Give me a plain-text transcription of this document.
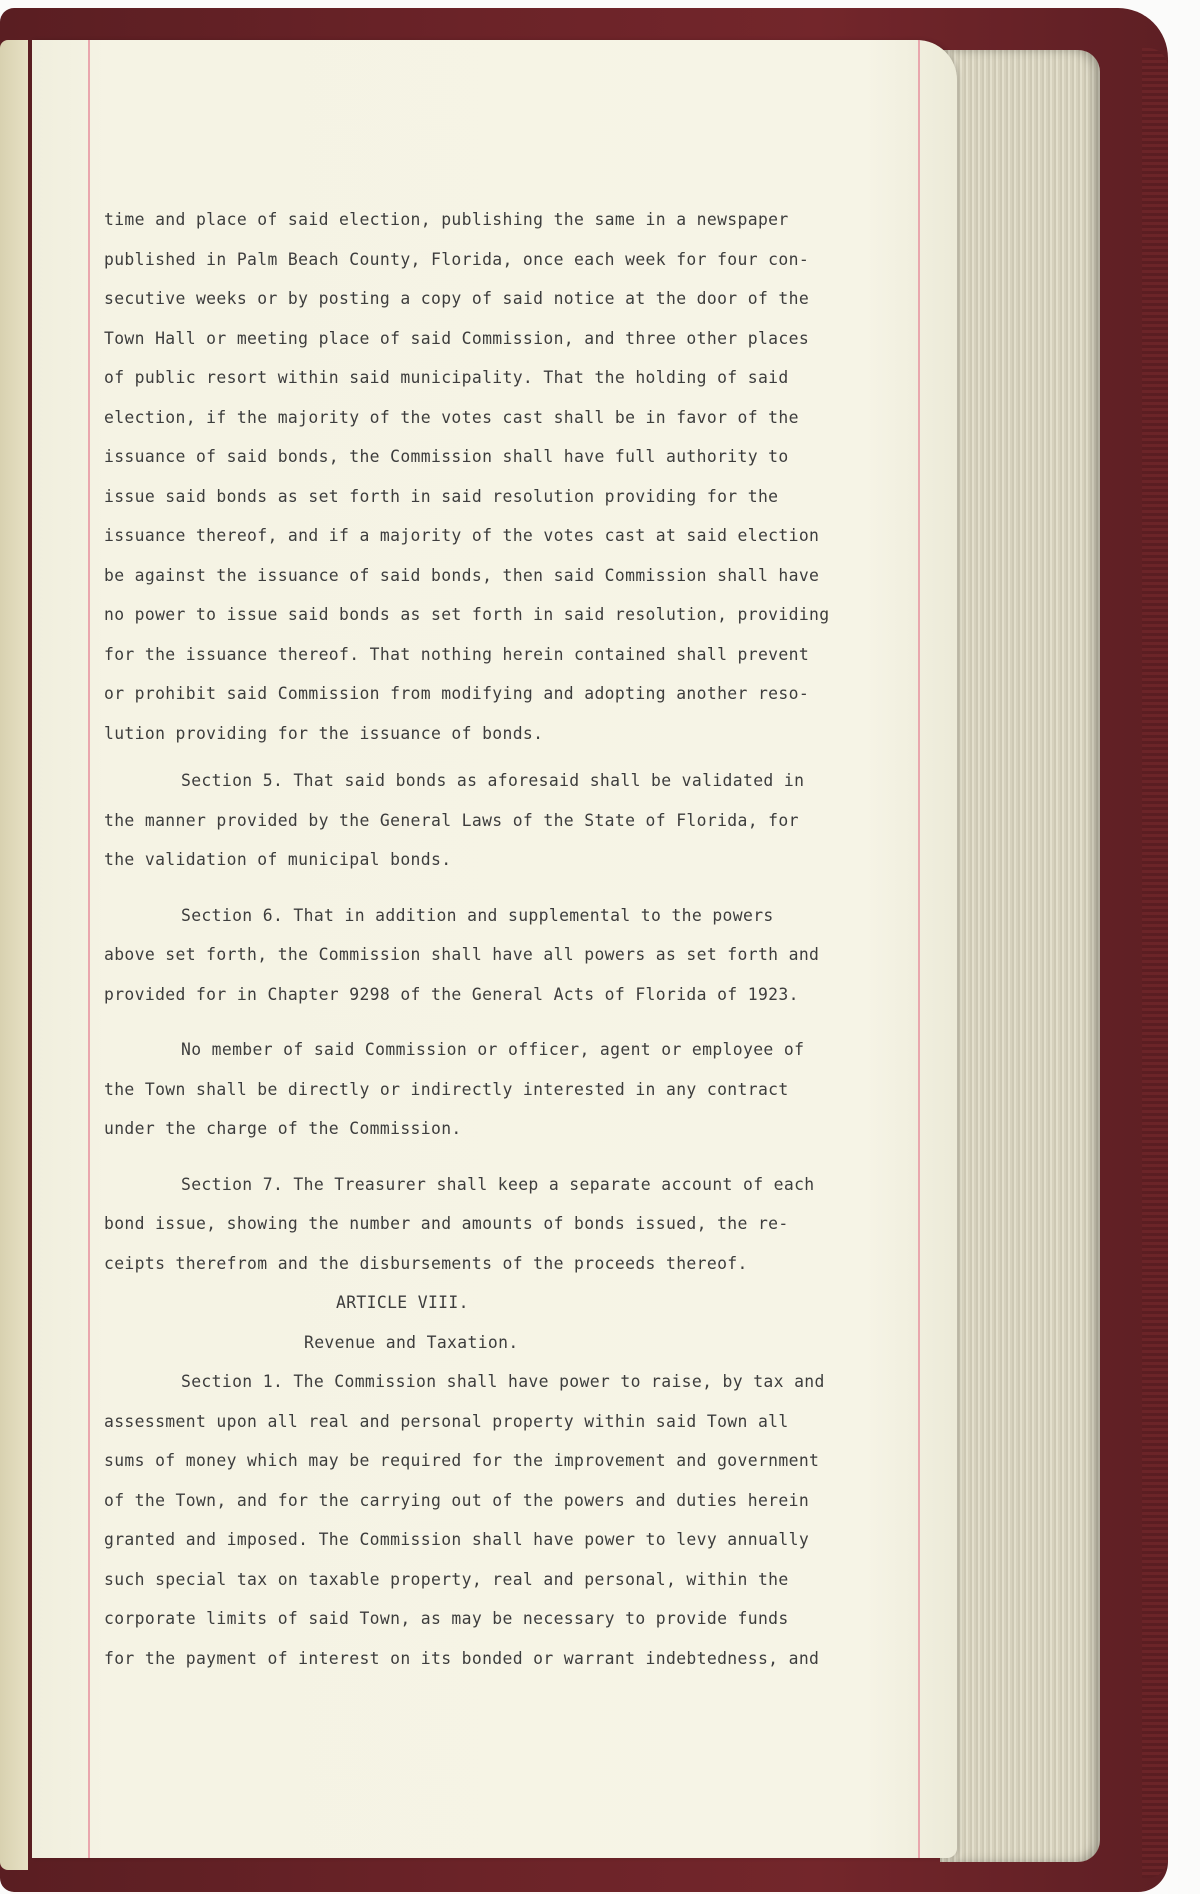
time and place of said election, publishing the same in a newspaper
published in Palm Beach County, Florida, once each week for four con-
secutive weeks or by posting a copy of said notice at the door of the
Town Hall or meeting place of said Commission, and three other places
of public resort within said municipality. That the holding of said
election, if the majority of the votes cast shall be in favor of the
issuance of said bonds, the Commission shall have full authority to
issue said bonds as set forth in said resolution providing for the
issuance thereof, and if a majority of the votes cast at said election
be against the issuance of said bonds, then said Commission shall have
no power to issue said bonds as set forth in said resolution, providing
for the issuance thereof. That nothing herein contained shall prevent
or prohibit said Commission from modifying and adopting another reso-
lution providing for the issuance of bonds.

Section 5. That said bonds as aforesaid shall be validated in
the manner provided by the General Laws of the State of Florida, for
the validation of municipal bonds.

Section 6. That in addition and supplemental to the powers
above set forth, the Commission shall have all powers as set forth and
provided for in Chapter 9298 of the General Acts of Florida of 1923.

No member of said Commission or officer, agent or employee of
the Town shall be directly or indirectly interested in any contract
under the charge of the Commission.

Section 7. The Treasurer shall keep a separate account of each
bond issue, showing the number and amounts of bonds issued, the re-
ceipts therefrom and the disbursements of the proceeds thereof.

ARTICLE VIII.
Revenue and Taxation.

Section 1. The Commission shall have power to raise, by tax and
assessment upon all real and personal property within said Town all
sums of money which may be required for the improvement and government
of the Town, and for the carrying out of the powers and duties herein
granted and imposed. The Commission shall have power to levy annually
such special tax on taxable property, real and personal, within the
corporate limits of said Town, as may be necessary to provide funds
for the payment of interest on its bonded or warrant indebtedness, and
